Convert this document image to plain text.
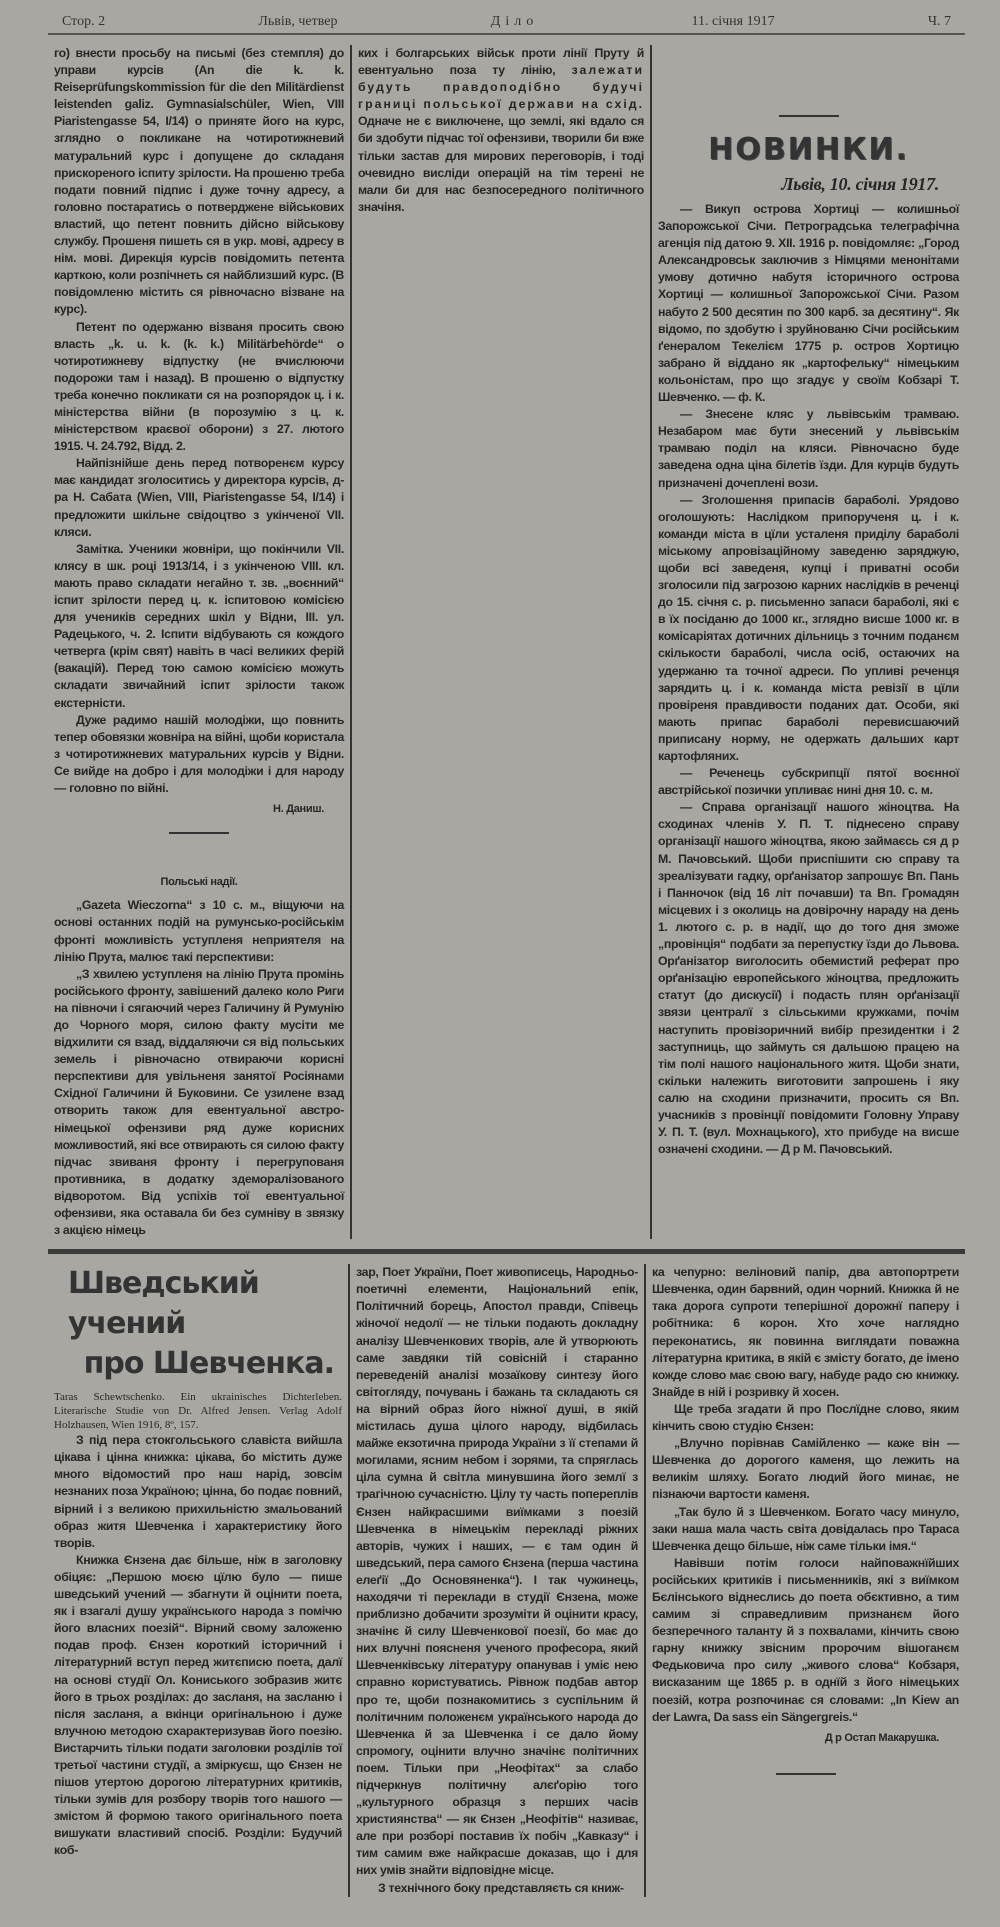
Стор. 2	Львів, четвер	Діло	11. січня 1917	Ч. 7

го) внести просьбу на письмі (без стемпля) до управи курсів (An die k. k. Reiseprüfungskommission für die den Militärdienst leistenden galiz. Gymnasialschüler, Wien, VIII Piaristengasse 54, I/14) о приняте його на курс, зглядно о покликане на чотиротижневий матуральний курс і допущене до складаня прискореного іспиту зрілости. На прошеню треба подати повний підпис і дуже точну адресу, а головно постаратись о потверджене військових властий, що петент повнить дійсно військову службу. Прошеня пишеть ся в укр. мові, адресу в нім. мові. Дирекція курсів повідомить петента карткою, коли розпічнеть ся найблизший курс. (В повідомленю містить ся рівночасно візване на курс).

Петент по одержаню візваня просить свою власть „k. u. k. (k. k.) Militärbehörde“ о чотиротижневу відпустку (не вчислюючи подорожи там і назад). В прошеню о відпустку треба конечно покликати ся на розпорядок ц. і к. міністерства війни (в порозумію з ц. к. міністерством краєвої оборони) з 27. лютого 1915. Ч. 24.792, Відд. 2.

Найпізнійше день перед потворенєм курсу має кандидат зголоситись у директора курсів, д-ра Н. Сабата (Wien, VIII, Piaristengasse 54, I/14) і предложити шкільне свідоцтво з укінченої VII. кляси.

Замітка. Ученики жовніри, що покінчили VII. клясу в шк. році 1913/14, і з укінченою VIII. кл. мають право складати негайно т. зв. „воєнний“ іспит зрілости перед ц. к. іспитовою комісією для учеників середних шкіл у Відни, III. ул. Радецького, ч. 2. Іспити відбувають ся кождого четверга (крім свят) навіть в часі великих ферій (вакацій). Перед тою самою комісією можуть складати звичайний іспит зрілости також екстерністи.

Дуже радимо нашій молодіжи, що повнить тепер обовязки жовніра на війні, щоби користала з чотиротижневих матуральних курсів у Відни. Се вийде на добро і для молодіжи і для народу — головно по війні.

Н. Даниш.
Польські надії.

„Gazeta Wieczorna“ з 10 с. м., віщуючи на основі останних подій на румунсько-російськім фронті можливість уступленя неприятеля на лінію Прута, малює такі перспективи:

„З хвилею уступленя на лінію Прута промінь російського фронту, завішений далеко коло Риги на півночи і сягаючий через Галичину й Румунію до Чорного моря, силою факту мусіти ме відхилити ся взад, віддаляючи ся від польських земель і рівночасно отвираючи корисні перспективи для увільненя занятої Росіянами Східної Галичини й Буковини. Се узилене взад отворить також для евентуальної австро-німецької офензиви ряд дуже корисних можливостий, які все отвирають ся силою факту підчас звиваня фронту і перегрупованя противника, в додатку здеморалізованого відворотом. Від успіхів тої евентуальної офензиви, яка оставала би без сумніву в звязку з акцією німець

ких і болгарських військ проти лінії Пруту й евентуально поза ту лінію, залежати будуть правдоподібно будучі границі польської держави на схід. Одначе не є виключене, що землі, які вдало ся би здобути підчас тої офензиви, творили би вже тільки застав для мирових переговорів, і тоді очевидно висліди операцій на тім терені не мали би для нас безпосередного політичного значіня.

НОВИНКИ.
Львів, 10. січня 1917.

— Викуп острова Хортиці — колишньої Запорожської Січи. Петроградська телеграфічна агенція під датою 9. XII. 1916 р. повідомляє: „Город Александровськ заключив з Німцями менонітами умову дотично набутя історичного острова Хортиці — колишньої Запорожської Січи. Разом набуто 2 500 десятин по 300 карб. за десятину“. Як відомо, по здобутю і зруйнованю Січи російським ґенералом Текелієм 1775 р. остров Хортицю забрано й віддано як „картофельку“ німецьким кольоністам, про що згадує у своїм Кобзарі Т. Шевченко. — ф. К.

— Знесене кляс у львівськім трамваю. Незабаром має бути знесений у львівськім трамваю поділ на кляси. Рівночасно буде заведена одна ціна білетів їзди. Для курців будуть призначені дочеплені вози.

— Зголошення припасів бараболі. Урядово оголошують: Наслідком припорученя ц. і к. команди міста в цїли усталеня приділу бараболі міському апровізаційному заведеню заряджую, щоби всі заведеня, купці і приватні особи зголосили під загрозою карних наслідків в реченці до 15. січня с. р. письменно запаси бараболі, які є в їх посіданю до 1000 кг., зглядно висше 1000 кг. в комісаріятах дотичних дільниць з точним поданєм скількости бараболі, числа осіб, остаючих на удержаню та точної адреси. По упливі реченця зарядить ц. і к. команда міста ревізії в цїли провіреня правдивости поданих дат. Особи, які мають припас бараболі перевисшаючий приписану норму, не одержать дальших карт картофляних.

— Реченець субскрипції пятої воєнної австрійської позички упливає нині дня 10. с. м.

— Справа організації нашого жіноцтва. На сходинах членів У. П. Т. піднесено справу організації нашого жіноцтва, якою займаєсь ся д р М. Пачовський. Щоби приспішити сю справу та зреалізувати гадку, орґанізатор запрошує Вп. Пань і Панночок (від 16 літ почавши) та Вп. Громадян місцевих і з околиць на довірочну нараду на день 1. лютого с. р. в надії, що до того дня зможе „провінція“ подбати за перепустку їзди до Львова. Орґанізатор виголосить обемистий реферат про орґанізацію европейського жіноцтва, предложить статут (до дискусії) і подасть плян орґанізації звязи централї з сільськими кружками, почім наступить провізоричний вибір президентки і 2 заступниць, що займуть ся дальшою працею на тім полі нашого національного житя. Щоби знати, скільки належить виготовити запрошень і яку салю на сходини призначити, просить ся Вп. учасників з провінції повідомити Головну Управу У. П. Т. (вул. Мохнацького), хто прибуде на висше означені сходини. — Д р М. Пачовський.

Шведський учений
про Шевченка.

Taras Schewtschenko. Ein ukrainisches Dichterleben. Literarische Studie von Dr. Alfred Jensen. Verlag Adolf Holzhausen, Wien 1916, 8º, 157.

З під пера стокгольського славіста вийшла цікава і цінна книжка: цікава, бо містить дуже много відомостий про наш нарід, зовсім незнаних поза Україною; цінна, бо подає повний, вірний і з великою прихильністю змальований образ житя Шевченка і характеристику його творів.

Книжка Єнзена дає більше, ніж в заголовку обіцяє: „Першою моєю цїлю було — пише шведський учений — збагнути й оцінити поета, як і взагалі душу українського народа з помічю його власних поезій“. Вірний свому заложеню подав проф. Єнзен короткий історичний і літературний вступ перед житєписю поета, далї на основі студії Ол. Кониського зобразив житє його в трьох розділах: до засланя, на засланю і після засланя, а вкінци оригінальною і дуже влучною методою схарактеризував його поезію. Вистарчить тільки подати заголовки розділів тої третьої частини студії, а зміркуєш, що Єнзен не пішов утертою дорогою літературних критиків, тільки зумів для розбору творів того нашого — змістом й формою такого оригінального поета вишукати властивий спосіб. Розділи: Будучий коб-

зар, Поет України, Поет живописець, Народньо-поетичні елементи, Національний епік, Політичний борець, Апостол правди, Співець жіночої недолї — не тільки подають докладну аналізу Шевченкових творів, але й утворюють саме завдяки тій совісній і старанно переведеній аналізі мозаїкову синтезу його світогляду, почувань і бажань та складають ся на вірний образ його ніжної душі, в якій містилась душа цілого народу, відбилась майже екзотична природа України з її степами й могилами, ясним небом і зорями, та спряглась ціла сумна й світла минувшина його землї з трагічною сучасністю. Цілу ту часть поперeплів Єнзен найкрасшими виїмками з поезій Шевченка в німецькім перекладі ріжних авторів, чужих і наших, — є там один й шведський, пера самого Єнзена (перша частина елеґії „До Основяненка“). І так чужинець, находячи ті переклади в студії Єнзена, може приблизно добачити зрозуміти й оцінити красу, значінє й силу Шевченкової поезії, бо має до них влучні поясненя ученого професора, який Шевченківську літературу опанував і уміє нею справно користуватись. Рівнож подбав автор про те, щоби познакомитись з суспільним й політичним положенєм українського народа до Шевченка й за Шевченка і се дало йому спромогу, оцінити влучно значінє політичних поем. Тільки при „Неофітах“ за слабо підчеркнув політичну алєґорію того „культурного образця з перших часів християнства“ — як Єнзен „Неофітів“ називає, але при розборі поставив їх побіч „Кавказу“ і тим самим вже найкрасше доказав, що і для них умів знайти відповідне місце.

З технічного боку представляєть ся книж-

ка чепурно: веліновий папір, два автопортрети Шевченка, один барвний, один чорний. Книжка й не така дорога супроти теперішної дорожнї паперу і робітника: 6 корон. Хто хоче наглядно переконатись, як повинна виглядати поважна літературна критика, в якій є змісту богато, де імено кожде слово має свою вагу, набуде радо сю книжку. Знайде в ній і розривку й хосен.

Ще треба згадати й про Послїдне слово, яким кінчить свою студію Єнзен:

„Влучно порівнав Самійленко — каже він — Шевченка до дорогого каменя, що лежить на великім шляху. Богато людий його минає, не пізнаючи вартости каменя.

„Так було й з Шевченком. Богато часу минуло, заки наша мала часть світа довідалась про Тараса Шевченка дещо більше, ніж саме тільки імя.“

Навівши потім голоси найповажнїйших російських критиків і письменників, які з виїмком Бєлінського віднеслись до поета обєктивно, а тим самим зі справедливим признанєм його безперечного таланту й з похвалами, кінчить свою гарну книжку звісним пророчим вішоганєм Федьковича про силу „живого слова“ Кобзаря, висказаним ще 1865 р. в однїй з його німецьких поезій, котра розпочинає ся словами: „In Kiew an der Lawra, Da sass ein Sängergreis.“

Д р Остап Макарушка.
